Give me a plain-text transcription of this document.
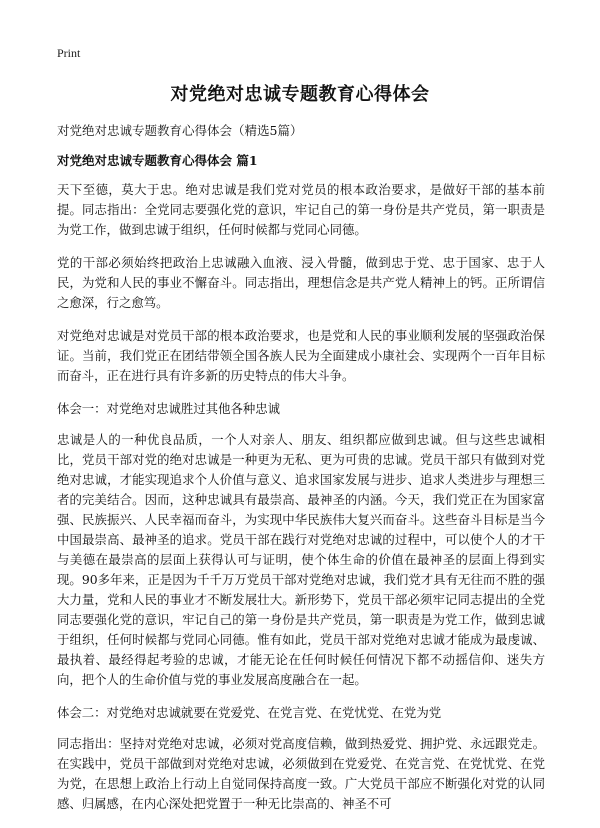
Print
对党绝对忠诚专题教育心得体会
对党绝对忠诚专题教育心得体会（精选5篇）
对党绝对忠诚专题教育心得体会 篇1

天下至德，莫大于忠。绝对忠诚是我们党对党员的根本政治要求，是做好干部的基本前提。同志指出：全党同志要强化党的意识，牢记自己的第一身份是共产党员，第一职责是为党工作，做到忠诚于组织，任何时候都与党同心同德。

党的干部必须始终把政治上忠诚融入血液、浸入骨髓，做到忠于党、忠于国家、忠于人民，为党和人民的事业不懈奋斗。同志指出，理想信念是共产党人精神上的钙。正所谓信之愈深，行之愈笃。

对党绝对忠诚是对党员干部的根本政治要求，也是党和人民的事业顺利发展的坚强政治保证。当前，我们党正在团结带领全国各族人民为全面建成小康社会、实现两个一百年目标而奋斗，正在进行具有许多新的历史特点的伟大斗争。

体会一：对党绝对忠诚胜过其他各种忠诚

忠诚是人的一种优良品质，一个人对亲人、朋友、组织都应做到忠诚。但与这些忠诚相比，党员干部对党的绝对忠诚是一种更为无私、更为可贵的忠诚。党员干部只有做到对党绝对忠诚，才能实现追求个人价值与意义、追求国家发展与进步、追求人类进步与理想三者的完美结合。因而，这种忠诚具有最崇高、最神圣的内涵。今天，我们党正在为国家富强、民族振兴、人民幸福而奋斗，为实现中华民族伟大复兴而奋斗。这些奋斗目标是当今中国最崇高、最神圣的追求。党员干部在践行对党绝对忠诚的过程中，可以使个人的才干与美德在最崇高的层面上获得认可与证明，使个体生命的价值在最神圣的层面上得到实现。90多年来，正是因为千千万万党员干部对党绝对忠诚，我们党才具有无往而不胜的强大力量，党和人民的事业才不断发展壮大。新形势下，党员干部必须牢记同志提出的全党同志要强化党的意识，牢记自己的第一身份是共产党员，第一职责是为党工作，做到忠诚于组织，任何时候都与党同心同德。惟有如此，党员干部对党绝对忠诚才能成为最虔诚、最执着、最经得起考验的忠诚，才能无论在任何时候任何情况下都不动摇信仰、迷失方向，把个人的生命价值与党的事业发展高度融合在一起。

体会二：对党绝对忠诚就要在党爱党、在党言党、在党忧党、在党为党

同志指出：坚持对党绝对忠诚，必须对党高度信赖，做到热爱党、拥护党、永远跟党走。在实践中，党员干部做到对党绝对忠诚，必须做到在党爱党、在党言党、在党忧党、在党为党，在思想上政治上行动上自觉同保持高度一致。广大党员干部应不断强化对党的认同感、归属感，在内心深处把党置于一种无比崇高的、神圣不可
